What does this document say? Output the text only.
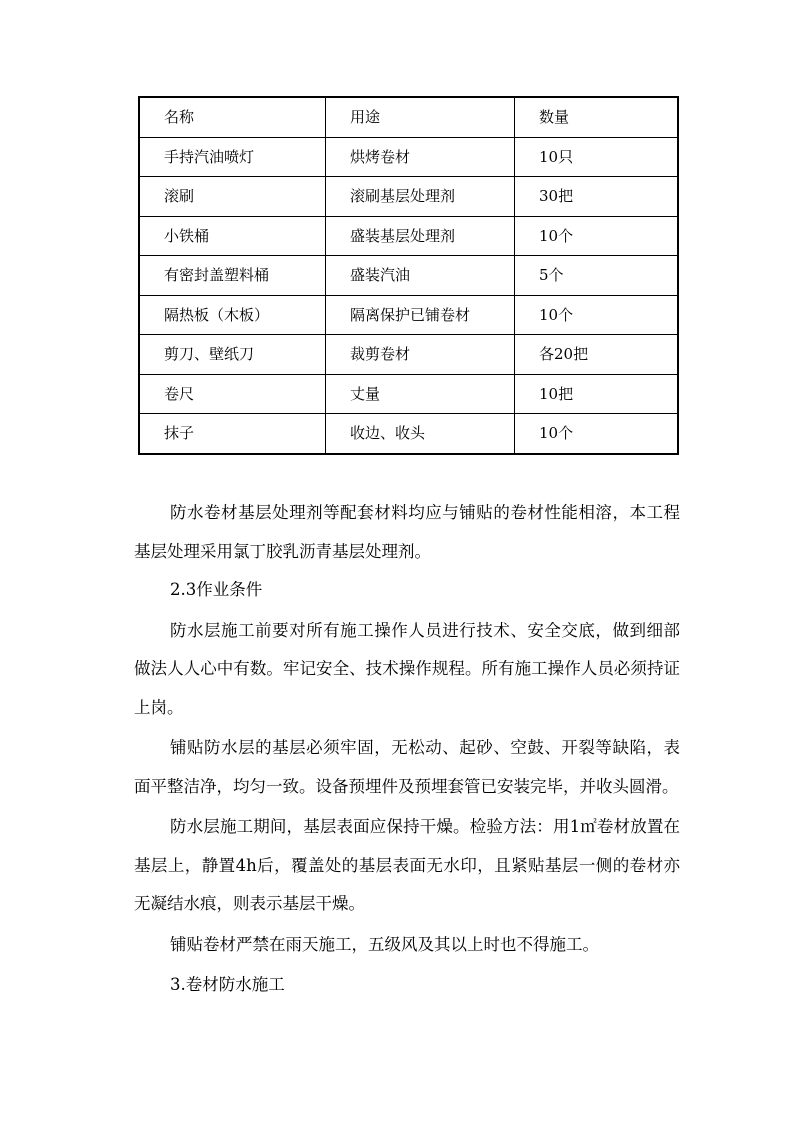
名称	用途	数量
手持汽油喷灯	烘烤卷材	10只
滚刷	滚刷基层处理剂	30把
小铁桶	盛装基层处理剂	10个
有密封盖塑料桶	盛装汽油	5个
隔热板（木板）	隔离保护已铺卷材	10个
剪刀、壁纸刀	裁剪卷材	各20把
卷尺	丈量	10把
抹子	收边、收头	10个

防水卷材基层处理剂等配套材料均应与铺贴的卷材性能相溶，本工程基层处理采用氯丁胶乳沥青基层处理剂。

2.3作业条件

防水层施工前要对所有施工操作人员进行技术、安全交底，做到细部做法人人心中有数。牢记安全、技术操作规程。所有施工操作人员必须持证上岗。

铺贴防水层的基层必须牢固，无松动、起砂、空鼓、开裂等缺陷，表面平整洁净，均匀一致。设备预埋件及预埋套管已安装完毕，并收头圆滑。

防水层施工期间，基层表面应保持干燥。检验方法：用1㎡卷材放置在基层上，静置4h后，覆盖处的基层表面无水印，且紧贴基层一侧的卷材亦无凝结水痕，则表示基层干燥。

铺贴卷材严禁在雨天施工，五级风及其以上时也不得施工。

3.卷材防水施工
